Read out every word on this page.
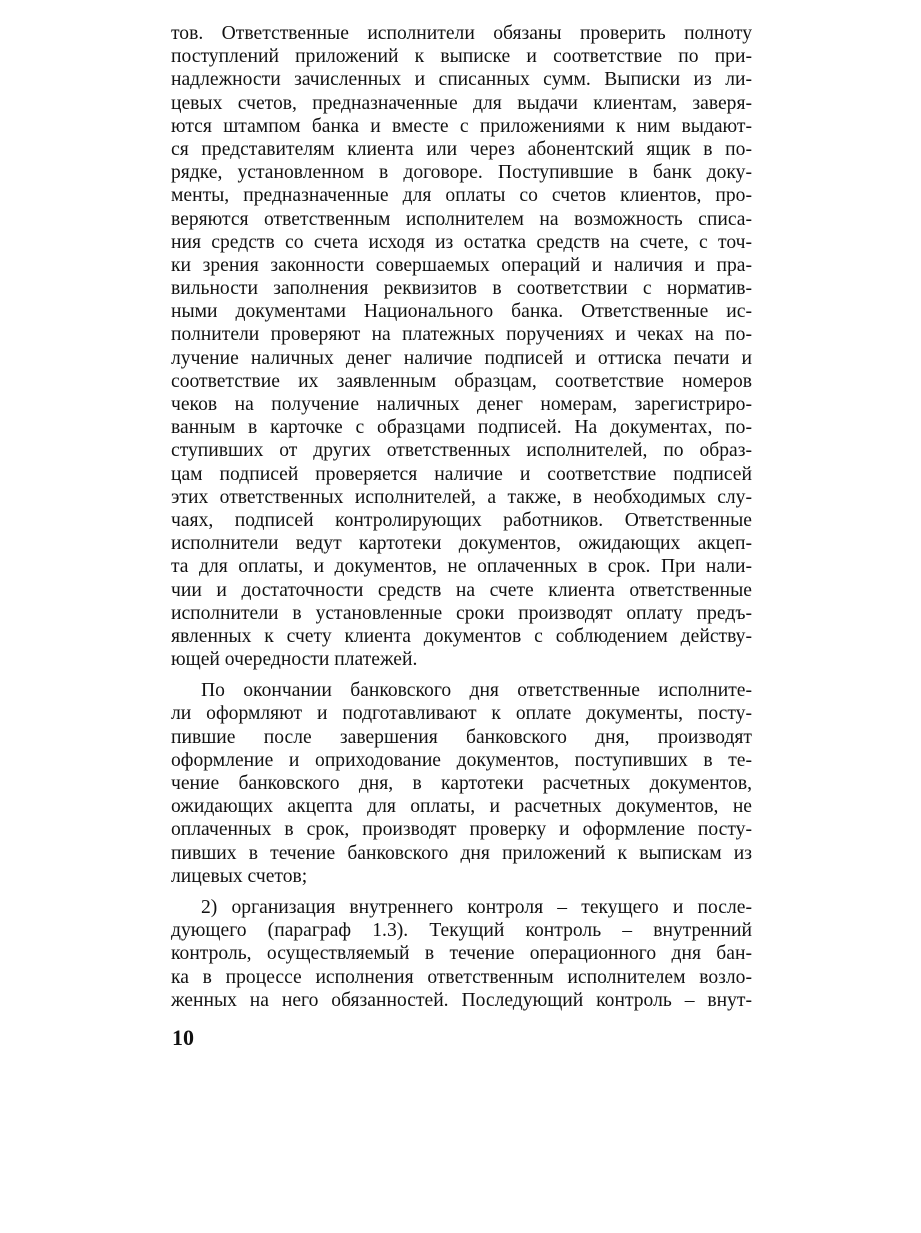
тов. Ответственные исполнители обязаны проверить полноту
поступлений приложений к выписке и соответствие по при-
надлежности зачисленных и списанных сумм. Выписки из ли-
цевых счетов, предназначенные для выдачи клиентам, заверя-
ются штампом банка и вместе с приложениями к ним выдают-
ся представителям клиента или через абонентский ящик в по-
рядке, установленном в договоре. Поступившие в банк доку-
менты, предназначенные для оплаты со счетов клиентов, про-
веряются ответственным исполнителем на возможность списа-
ния средств со счета исходя из остатка средств на счете, с точ-
ки зрения законности совершаемых операций и наличия и пра-
вильности заполнения реквизитов в соответствии с норматив-
ными документами Национального банка. Ответственные ис-
полнители проверяют на платежных поручениях и чеках на по-
лучение наличных денег наличие подписей и оттиска печати и
соответствие их заявленным образцам, соответствие номеров
чеков на получение наличных денег номерам, зарегистриро-
ванным в карточке с образцами подписей. На документах, по-
ступивших от других ответственных исполнителей, по образ-
цам подписей проверяется наличие и соответствие подписей
этих ответственных исполнителей, а также, в необходимых слу-
чаях, подписей контролирующих работников. Ответственные
исполнители ведут картотеки документов, ожидающих акцеп-
та для оплаты, и документов, не оплаченных в срок. При нали-
чии и достаточности средств на счете клиента ответственные
исполнители в установленные сроки производят оплату предъ-
явленных к счету клиента документов с соблюдением действу-
ющей очередности платежей.
По окончании банковского дня ответственные исполните-
ли оформляют и подготавливают к оплате документы, посту-
пившие после завершения банковского дня, производят
оформление и оприходование документов, поступивших в те-
чение банковского дня, в картотеки расчетных документов,
ожидающих акцепта для оплаты, и расчетных документов, не
оплаченных в срок, производят проверку и оформление посту-
пивших в течение банковского дня приложений к выпискам из
лицевых счетов;
2) организация внутреннего контроля – текущего и после-
дующего (параграф 1.3). Текущий контроль – внутренний
контроль, осуществляемый в течение операционного дня бан-
ка в процессе исполнения ответственным исполнителем возло-
женных на него обязанностей. Последующий контроль – внут-
10
